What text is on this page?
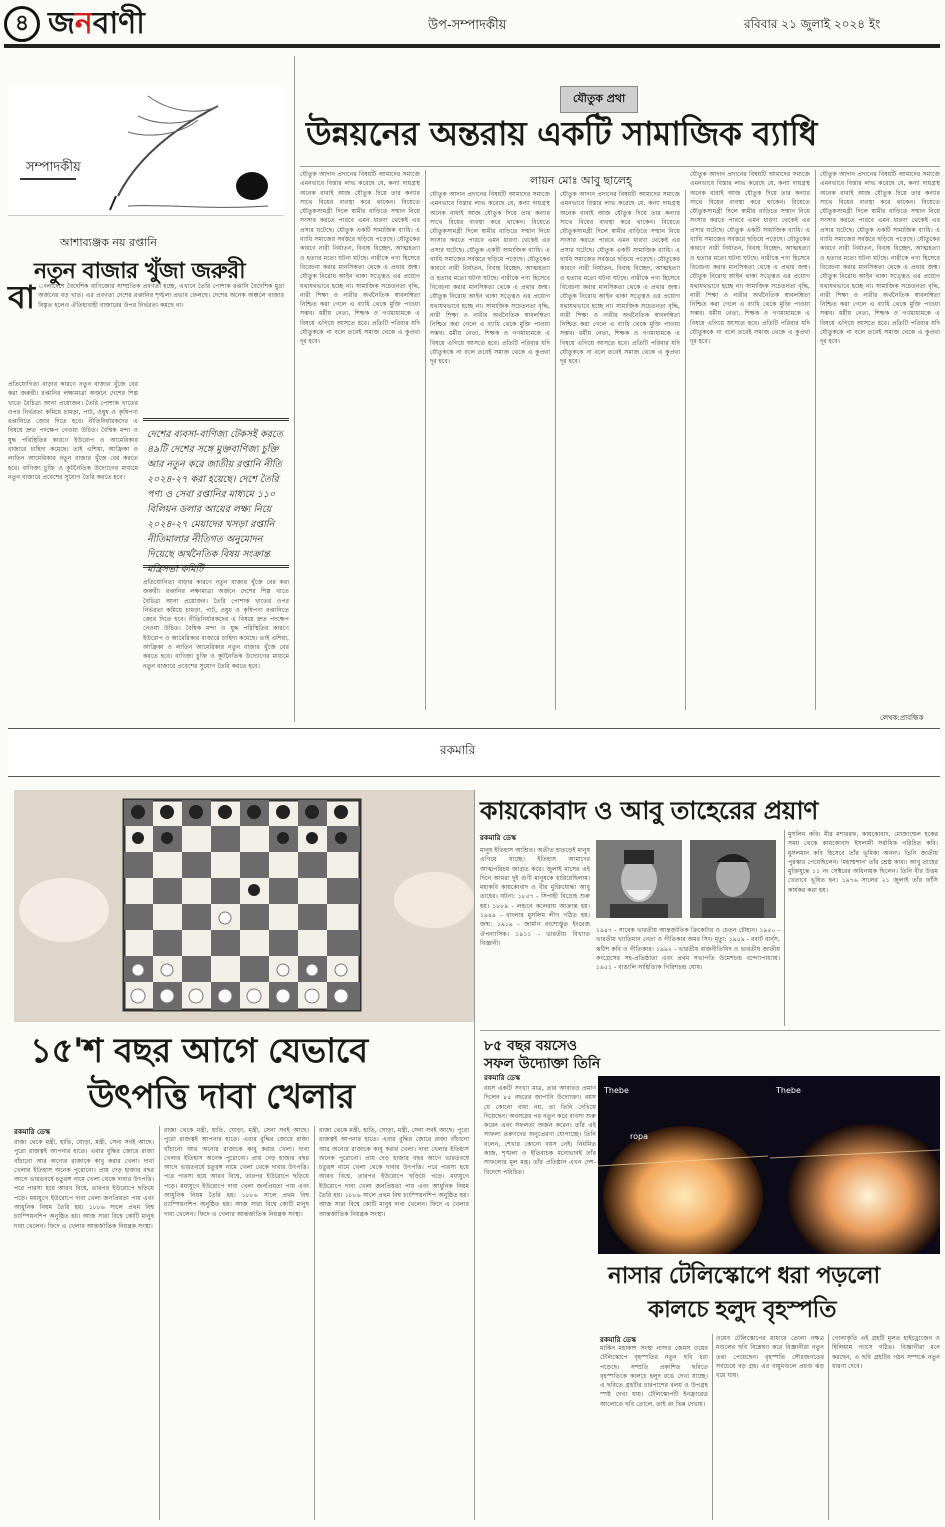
৪ জনবাণী	উপ-সম্পাদকীয়	রবিবার ২১ জুলাই ২০২৪ ইং
সম্পাদকীয়
আশাব্যঞ্জক নয় রপ্তানি
নতুন বাজার খুঁজা জরুরী
বা ংলাদেশে বৈদেশিক বাণিজ্যের সাম্প্রতিক প্রবণতা হচ্ছে, এখানে তৈরি পোশাক রপ্তানি বৈদেশিক মুদ্রা অর্জনের বড় খাত। এর প্রবণতা দেশের রপ্তানির শৃঙ্খলা প্রভাব ফেলছে। দেশের অনেক অঞ্চলে বাজার বিস্তৃত হলেও ঐতিহ্যবাহী বাজারের উপর নির্ভরতা কমছে না।
প্রতিযোগিতা বাড়ার কারণে নতুন বাজার খুঁজে বের করা জরুরী। রপ্তানির লক্ষ্যমাত্রা অর্জনে দেশের শিল্প খাতে বৈচিত্র্য আনা প্রয়োজন। তৈরি পোশাক খাতের ওপর নির্ভরতা কমিয়ে চামড়া, পাট, ওষুধ ও কৃষিপণ্য রপ্তানিতে জোর দিতে হবে। নীতিনির্ধারকদের এ বিষয়ে দ্রুত পদক্ষেপ নেওয়া উচিত। বৈশ্বিক মন্দা ও যুদ্ধ পরিস্থিতির কারণে ইউরোপ ও আমেরিকার বাজারে চাহিদা কমেছে। তাই এশিয়া, আফ্রিকা ও লাতিন আমেরিকার নতুন বাজার খুঁজে বের করতে হবে। বাণিজ্য চুক্তি ও কূটনৈতিক উদ্যোগের মাধ্যমে নতুন বাজারে প্রবেশের সুযোগ তৈরি করতে হবে।
দেশের ব্যবসা-বাণিজ্য টেকসই করতে ৪৯টি দেশের সঙ্গে মুক্তবাণিজ্য চুক্তি আর নতুন করে জাতীয় রপ্তানি নীতি ২০২৪-২৭ করা হয়েছে। দেশে তৈরি পণ্য ও সেবা রপ্তানির মাধ্যমে ১১০ বিলিয়ন ডলার আয়ের লক্ষ্য নিয়ে ২০২৪-২৭ মেয়াদের খসড়া রপ্তানি নীতিমালার নীতিগত অনুমোদন দিয়েছে অর্থনৈতিক বিষয় সংক্রান্ত মন্ত্রিসভা কমিটি
প্রতিযোগিতা বাড়ার কারণে নতুন বাজার খুঁজে বের করা জরুরী। রপ্তানির লক্ষ্যমাত্রা অর্জনে দেশের শিল্প খাতে বৈচিত্র্য আনা প্রয়োজন। তৈরি পোশাক খাতের ওপর নির্ভরতা কমিয়ে চামড়া, পাট, ওষুধ ও কৃষিপণ্য রপ্তানিতে জোর দিতে হবে। নীতিনির্ধারকদের এ বিষয়ে দ্রুত পদক্ষেপ নেওয়া উচিত। বৈশ্বিক মন্দা ও যুদ্ধ পরিস্থিতির কারণে ইউরোপ ও আমেরিকার বাজারে চাহিদা কমেছে। তাই এশিয়া, আফ্রিকা ও লাতিন আমেরিকার নতুন বাজার খুঁজে বের করতে হবে। বাণিজ্য চুক্তি ও কূটনৈতিক উদ্যোগের মাধ্যমে নতুন বাজারে প্রবেশের সুযোগ তৈরি করতে হবে।
যৌতুক প্রথা
উন্নয়নের অন্তরায় একটি সামাজিক ব্যাধি
লায়ন মোঃ আবু ছালেহ্
যৌতুক আদান প্রদানের বিষয়টি আমাদের সমাজে এমনভাবে বিস্তার লাভ করেছে যে, কন্যা দায়গ্রস্থ অনেক বাবাই আজ যৌতুক দিয়ে তার কন্যার সাথে বিয়ের ব্যবস্থা করে থাকেন। বিয়েতে যৌতুকসামগ্রী দিলে স্বামীর বাড়িতে সম্মান নিয়ে সংসার করতে পারবে এমন ধারণা থেকেই এর প্রসার ঘটেছে। যৌতুক একটি সামাজিক ব্যাধি। এ ব্যাধি সমাজের সর্বস্তরে ছড়িয়ে পড়েছে। যৌতুকের কারণে নারী নির্যাতন, বিবাহ বিচ্ছেদ, আত্মহত্যা ও হত্যার মতো ঘটনা ঘটছে। নারীকে পণ্য হিসেবে বিবেচনা করার মানসিকতা থেকে এ প্রথার জন্ম। যৌতুক নিরোধ আইন থাকা সত্ত্বেও এর প্রয়োগ যথাযথভাবে হচ্ছে না। সামাজিক সচেতনতা বৃদ্ধি, নারী শিক্ষা ও নারীর অর্থনৈতিক স্বাবলম্বিতা নিশ্চিত করা গেলে এ ব্যাধি থেকে মুক্তি পাওয়া সম্ভব। ধর্মীয় নেতা, শিক্ষক ও গণমাধ্যমকে এ বিষয়ে এগিয়ে আসতে হবে। প্রতিটি পরিবার যদি যৌতুককে না বলে তবেই সমাজ থেকে এ কুপ্রথা দূর হবে।
যৌতুক আদান প্রদানের বিষয়টি আমাদের সমাজে এমনভাবে বিস্তার লাভ করেছে যে, কন্যা দায়গ্রস্থ অনেক বাবাই আজ যৌতুক দিয়ে তার কন্যার সাথে বিয়ের ব্যবস্থা করে থাকেন। বিয়েতে যৌতুকসামগ্রী দিলে স্বামীর বাড়িতে সম্মান নিয়ে সংসার করতে পারবে এমন ধারণা থেকেই এর প্রসার ঘটেছে। যৌতুক একটি সামাজিক ব্যাধি। এ ব্যাধি সমাজের সর্বস্তরে ছড়িয়ে পড়েছে। যৌতুকের কারণে নারী নির্যাতন, বিবাহ বিচ্ছেদ, আত্মহত্যা ও হত্যার মতো ঘটনা ঘটছে। নারীকে পণ্য হিসেবে বিবেচনা করার মানসিকতা থেকে এ প্রথার জন্ম। যৌতুক নিরোধ আইন থাকা সত্ত্বেও এর প্রয়োগ যথাযথভাবে হচ্ছে না। সামাজিক সচেতনতা বৃদ্ধি, নারী শিক্ষা ও নারীর অর্থনৈতিক স্বাবলম্বিতা নিশ্চিত করা গেলে এ ব্যাধি থেকে মুক্তি পাওয়া সম্ভব। ধর্মীয় নেতা, শিক্ষক ও গণমাধ্যমকে এ বিষয়ে এগিয়ে আসতে হবে। প্রতিটি পরিবার যদি যৌতুককে না বলে তবেই সমাজ থেকে এ কুপ্রথা দূর হবে।
যৌতুক আদান প্রদানের বিষয়টি আমাদের সমাজে এমনভাবে বিস্তার লাভ করেছে যে, কন্যা দায়গ্রস্থ অনেক বাবাই আজ যৌতুক দিয়ে তার কন্যার সাথে বিয়ের ব্যবস্থা করে থাকেন। বিয়েতে যৌতুকসামগ্রী দিলে স্বামীর বাড়িতে সম্মান নিয়ে সংসার করতে পারবে এমন ধারণা থেকেই এর প্রসার ঘটেছে। যৌতুক একটি সামাজিক ব্যাধি। এ ব্যাধি সমাজের সর্বস্তরে ছড়িয়ে পড়েছে। যৌতুকের কারণে নারী নির্যাতন, বিবাহ বিচ্ছেদ, আত্মহত্যা ও হত্যার মতো ঘটনা ঘটছে। নারীকে পণ্য হিসেবে বিবেচনা করার মানসিকতা থেকে এ প্রথার জন্ম। যৌতুক নিরোধ আইন থাকা সত্ত্বেও এর প্রয়োগ যথাযথভাবে হচ্ছে না। সামাজিক সচেতনতা বৃদ্ধি, নারী শিক্ষা ও নারীর অর্থনৈতিক স্বাবলম্বিতা নিশ্চিত করা গেলে এ ব্যাধি থেকে মুক্তি পাওয়া সম্ভব। ধর্মীয় নেতা, শিক্ষক ও গণমাধ্যমকে এ বিষয়ে এগিয়ে আসতে হবে। প্রতিটি পরিবার যদি যৌতুককে না বলে তবেই সমাজ থেকে এ কুপ্রথা দূর হবে।
যৌতুক আদান প্রদানের বিষয়টি আমাদের সমাজে এমনভাবে বিস্তার লাভ করেছে যে, কন্যা দায়গ্রস্থ অনেক বাবাই আজ যৌতুক দিয়ে তার কন্যার সাথে বিয়ের ব্যবস্থা করে থাকেন। বিয়েতে যৌতুকসামগ্রী দিলে স্বামীর বাড়িতে সম্মান নিয়ে সংসার করতে পারবে এমন ধারণা থেকেই এর প্রসার ঘটেছে। যৌতুক একটি সামাজিক ব্যাধি। এ ব্যাধি সমাজের সর্বস্তরে ছড়িয়ে পড়েছে। যৌতুকের কারণে নারী নির্যাতন, বিবাহ বিচ্ছেদ, আত্মহত্যা ও হত্যার মতো ঘটনা ঘটছে। নারীকে পণ্য হিসেবে বিবেচনা করার মানসিকতা থেকে এ প্রথার জন্ম। যৌতুক নিরোধ আইন থাকা সত্ত্বেও এর প্রয়োগ যথাযথভাবে হচ্ছে না। সামাজিক সচেতনতা বৃদ্ধি, নারী শিক্ষা ও নারীর অর্থনৈতিক স্বাবলম্বিতা নিশ্চিত করা গেলে এ ব্যাধি থেকে মুক্তি পাওয়া সম্ভব। ধর্মীয় নেতা, শিক্ষক ও গণমাধ্যমকে এ বিষয়ে এগিয়ে আসতে হবে। প্রতিটি পরিবার যদি যৌতুককে না বলে তবেই সমাজ থেকে এ কুপ্রথা দূর হবে।
যৌতুক আদান প্রদানের বিষয়টি আমাদের সমাজে এমনভাবে বিস্তার লাভ করেছে যে, কন্যা দায়গ্রস্থ অনেক বাবাই আজ যৌতুক দিয়ে তার কন্যার সাথে বিয়ের ব্যবস্থা করে থাকেন। বিয়েতে যৌতুকসামগ্রী দিলে স্বামীর বাড়িতে সম্মান নিয়ে সংসার করতে পারবে এমন ধারণা থেকেই এর প্রসার ঘটেছে। যৌতুক একটি সামাজিক ব্যাধি। এ ব্যাধি সমাজের সর্বস্তরে ছড়িয়ে পড়েছে। যৌতুকের কারণে নারী নির্যাতন, বিবাহ বিচ্ছেদ, আত্মহত্যা ও হত্যার মতো ঘটনা ঘটছে। নারীকে পণ্য হিসেবে বিবেচনা করার মানসিকতা থেকে এ প্রথার জন্ম। যৌতুক নিরোধ আইন থাকা সত্ত্বেও এর প্রয়োগ যথাযথভাবে হচ্ছে না। সামাজিক সচেতনতা বৃদ্ধি, নারী শিক্ষা ও নারীর অর্থনৈতিক স্বাবলম্বিতা নিশ্চিত করা গেলে এ ব্যাধি থেকে মুক্তি পাওয়া সম্ভব। ধর্মীয় নেতা, শিক্ষক ও গণমাধ্যমকে এ বিষয়ে এগিয়ে আসতে হবে। প্রতিটি পরিবার যদি যৌতুককে না বলে তবেই সমাজ থেকে এ কুপ্রথা দূর হবে।
লেখক:প্রাবন্ধিক
রকমারি
১৫'শ বছর আগে যেভাবে
উৎপত্তি দাবা খেলার
রকমারি ডেস্ক
রাজা থেকে মন্ত্রী, হাতি, ঘোড়া, মন্ত্রী, সেনা সবই আছে। পুরো রাজত্বই আপনার হাতে। এবার বুদ্ধির জোরে রাজা বাঁচানো আর অন্যের রাজাকে কাবু করার খেলা। দাবা খেলার ইতিহাস অনেক পুরোনো। প্রায় দেড় হাজার বছর আগে ভারতবর্ষে চতুরঙ্গ নামে খেলা থেকে দাবার উৎপত্তি। পরে পারস্য হয়ে আরব বিশ্বে, তারপর ইউরোপে ছড়িয়ে পড়ে। মধ্যযুগে ইউরোপে দাবা খেলা জনপ্রিয়তা পায় এবং আধুনিক নিয়ম তৈরি হয়। ১৮৮৬ সালে প্রথম বিশ্ব চ্যাম্পিয়নশিপ অনুষ্ঠিত হয়। আজ সারা বিশ্বে কোটি মানুষ দাবা খেলেন। ফিদে এ খেলার আন্তর্জাতিক নিয়ন্ত্রক সংস্থা।
রাজা থেকে মন্ত্রী, হাতি, ঘোড়া, মন্ত্রী, সেনা সবই আছে। পুরো রাজত্বই আপনার হাতে। এবার বুদ্ধির জোরে রাজা বাঁচানো আর অন্যের রাজাকে কাবু করার খেলা। দাবা খেলার ইতিহাস অনেক পুরোনো। প্রায় দেড় হাজার বছর আগে ভারতবর্ষে চতুরঙ্গ নামে খেলা থেকে দাবার উৎপত্তি। পরে পারস্য হয়ে আরব বিশ্বে, তারপর ইউরোপে ছড়িয়ে পড়ে। মধ্যযুগে ইউরোপে দাবা খেলা জনপ্রিয়তা পায় এবং আধুনিক নিয়ম তৈরি হয়। ১৮৮৬ সালে প্রথম বিশ্ব চ্যাম্পিয়নশিপ অনুষ্ঠিত হয়। আজ সারা বিশ্বে কোটি মানুষ দাবা খেলেন। ফিদে এ খেলার আন্তর্জাতিক নিয়ন্ত্রক সংস্থা।
রাজা থেকে মন্ত্রী, হাতি, ঘোড়া, মন্ত্রী, সেনা সবই আছে। পুরো রাজত্বই আপনার হাতে। এবার বুদ্ধির জোরে রাজা বাঁচানো আর অন্যের রাজাকে কাবু করার খেলা। দাবা খেলার ইতিহাস অনেক পুরোনো। প্রায় দেড় হাজার বছর আগে ভারতবর্ষে চতুরঙ্গ নামে খেলা থেকে দাবার উৎপত্তি। পরে পারস্য হয়ে আরব বিশ্বে, তারপর ইউরোপে ছড়িয়ে পড়ে। মধ্যযুগে ইউরোপে দাবা খেলা জনপ্রিয়তা পায় এবং আধুনিক নিয়ম তৈরি হয়। ১৮৮৬ সালে প্রথম বিশ্ব চ্যাম্পিয়নশিপ অনুষ্ঠিত হয়। আজ সারা বিশ্বে কোটি মানুষ দাবা খেলেন। ফিদে এ খেলার আন্তর্জাতিক নিয়ন্ত্রক সংস্থা।
কায়কোবাদ ও আবু তাহেরের প্রয়াণ
রকমারি ডেস্ক
মানুষ ইতিহাস আশ্রিত। অতীত হাতড়েই মানুষ এগিয়ে যাচ্ছে। ইতিহাস আমাদের আত্মপরিচয় জাগ্রত করে। জুলাই মাসের এই দিনে আমরা দুই গুণী মানুষকে হারিয়েছিলাম। মহাকবি কায়কোবাদ ও বীর মুক্তিযোদ্ধা আবু তাহের। ঘটনা: ১৮৫৭ - সিপাহী বিদ্রোহ শুরু হয়। ১৮৮৯ - লন্ডনে কলেরায় আক্রান্ত হয়। ১৯৪৯ - বাংলার মুসলিম লীগ গঠিত হয়। জন্ম: ১৯১৯ - জার্মান বংশোদ্ভূত ইংরেজ ঔপন্যাসিক। ১৯১১ - ভারতীয় বিখ্যাত বিজ্ঞানী।
১৯৪৭ - সাবেক ভারতীয় আন্তর্জাতিক ক্রিকেটার ও চেতন চৌহান। ১৯৫০ - ভারতীয় খ্যাতিমান নেতা ও গীতিকার অমর সিং। মৃত্যু: ১৯৫৯ - রবার্ট বার্ন্‌স, স্কটিশ কবি ও গীতিকার। ১৯৯২ - ভারতীয় রাজনীতিবিদ ও ভারতীয় জাতীয় কংগ্রেসের সহ-প্রতিষ্ঠাতা এবং প্রথম সভাপতি উমেশচন্দ্র বন্দ্যোপাধ্যায়। ১৯৫১ - বাঙালি সাহিত্যিক গিরিশচন্দ্র ঘোষ।
মুসলিম কবি। মীর মশাররফ, কায়কোবাদ, মোজাম্মেল হকের সময় থেকে কায়কোবাদ ইসলামী সর্বাধিক পরিচিত কবি। মুসলমান কবি হিসেবে তাঁর ভূমিকা অনন্য। তিনি জাতীয় পুরস্কার পেয়েছিলেন। 'মহাশ্মশান' তাঁর শ্রেষ্ঠ কাব্য। আবু তাহের মুক্তিযুদ্ধে ১১ নং সেক্টরের অধিনায়ক ছিলেন। তিনি বীর উত্তম খেতাবে ভূষিত হন। ১৯৭৬ সালের ২১ জুলাই তাঁর ফাঁসি কার্যকর করা হয়।
৮৫ বছর বয়সেও
সফল উদ্যোক্তা তিনি
রকমারি ডেস্ক
বয়স একটি সংখ্যা মাত্র, তার আবারও প্রমাণ দিলেন ৮৫ বছরের জাপানি উদ্যোক্তা। বয়স যে কোনো বাধা নয়, তা তিনি দেখিয়ে দিয়েছেন। অবসরের পর নতুন করে ব্যবসা শুরু করেন এবং সফলতা অর্জন করেন। তাঁর এই সাফল্য তরুণদের অনুপ্রেরণা যোগাচ্ছে। তিনি বলেন, শেখার কোনো বয়স নেই। নিয়মিত কাজ, শৃঙ্খলা ও ইতিবাচক মনোভাবই তাঁর সাফল্যের মূল মন্ত্র। তাঁর প্রতিষ্ঠান এখন দেশ-বিদেশে পরিচিত।
Thebe
ropa
Thebe
নাসার টেলিস্কোপে ধরা পড়লো
কালচে হলুদ বৃহস্পতি
রকমারি ডেস্ক
মার্কিন মহাকাশ সংস্থা নাসার জেমস ওয়েব টেলিস্কোপে বৃহস্পতির নতুন ছবি ধরা পড়েছে। সম্প্রতি প্রকাশিত ছবিতে বৃহস্পতিকে কালচে হলুদ রঙে দেখা যাচ্ছে। এ ছবিতে গ্রহটির চারপাশের বলয় ও উপগ্রহ স্পষ্ট দেখা যায়। টেলিস্কোপটি ইনফ্রারেড আলোতে ছবি তোলে, তাই রং ভিন্ন দেখায়।
ওয়েব টেলিস্কোপের মাধ্যমে তোলা নক্ষত্র মণ্ডলের ছবি বিশ্লেষণ করে বিজ্ঞানীরা নতুন তথ্য পেয়েছেন। বৃহস্পতি সৌরজগতের সবচেয়ে বড় গ্রহ। এর বায়ুমণ্ডলে প্রচণ্ড ঝড় বয়ে যায়।
গোলাকৃতি এই গ্রহটি মূলত হাইড্রোজেন ও হিলিয়াম গ্যাসে গঠিত। বিজ্ঞানীরা মনে করছেন, এ ছবি গ্রহটির গঠন সম্পর্কে নতুন ধারণা দেবে।
